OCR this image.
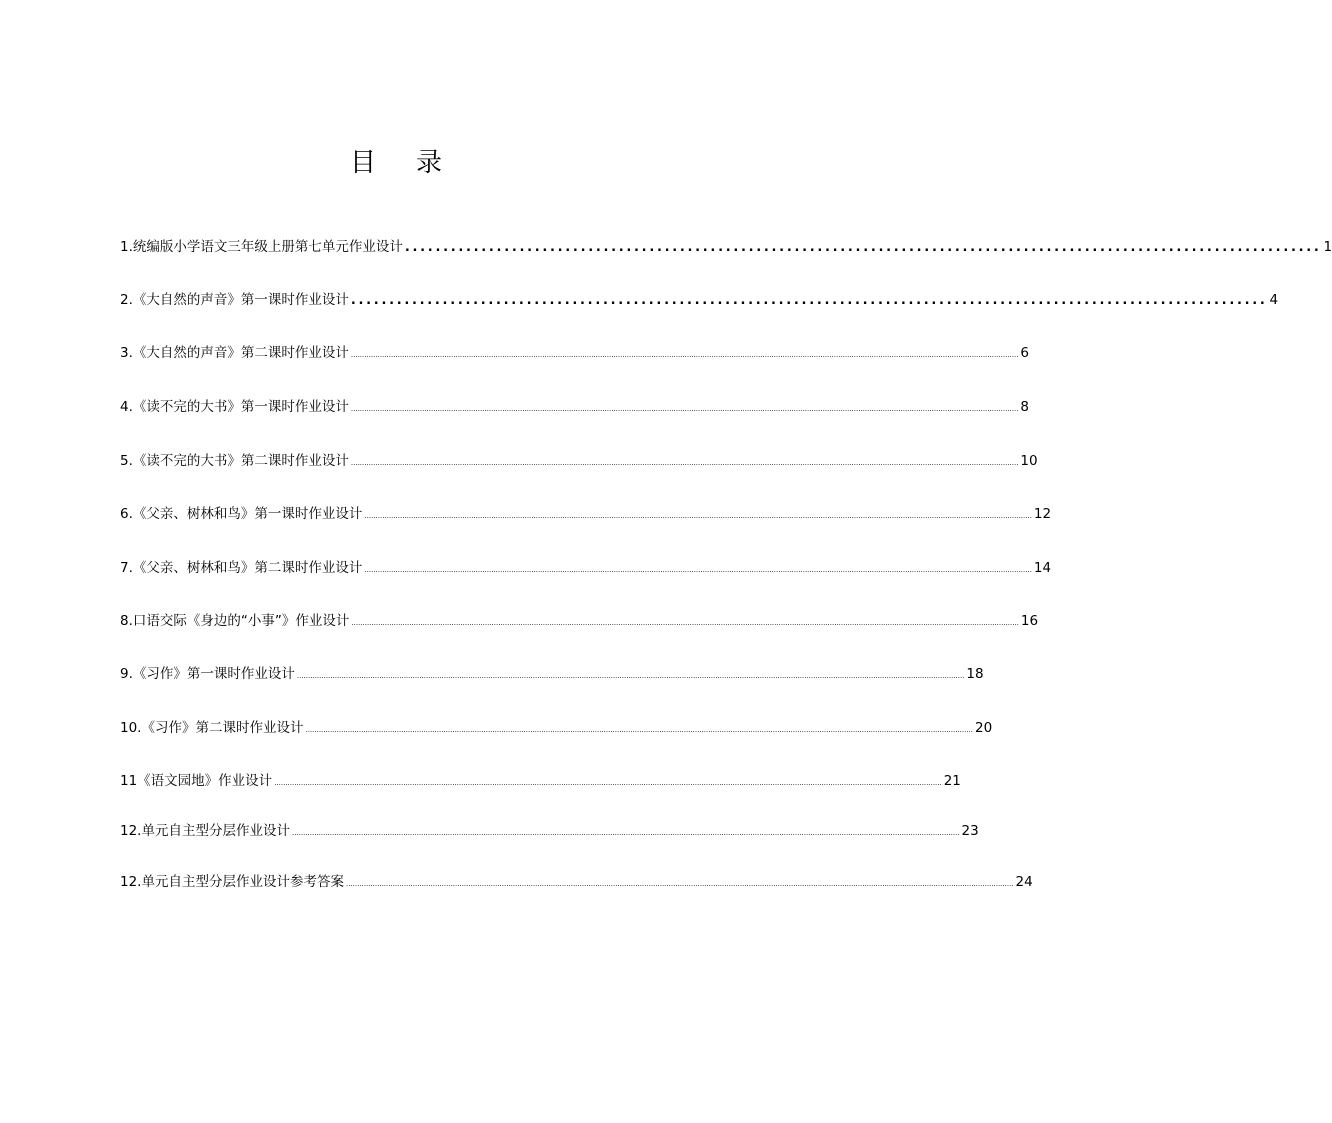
目 录
1.统编版小学语文三年级上册第七单元作业设计 ........................................................................................................................ 1
2.《大自然的声音》第一课时作业设计 ........................................................................................................................ 4
3.《大自然的声音》第二课时作业设计 ............................................................................................................................................................................................................................................................................................................ 6
4.《读不完的大书》第一课时作业设计 ............................................................................................................................................................................................................................................................................................................ 8
5.《读不完的大书》第二课时作业设计 ............................................................................................................................................................................................................................................................................................................ 10
6.《父亲、树林和鸟》第一课时作业设计 ............................................................................................................................................................................................................................................................................................................ 12
7.《父亲、树林和鸟》第二课时作业设计 ............................................................................................................................................................................................................................................................................................................ 14
8.口语交际《身边的“小事”》作业设计 ............................................................................................................................................................................................................................................................................................................ 16
9.《习作》第一课时作业设计 ............................................................................................................................................................................................................................................................................................................ 18
10.《习作》第二课时作业设计 ............................................................................................................................................................................................................................................................................................................ 20
11《语文园地》作业设计 ............................................................................................................................................................................................................................................................................................................ 21
12.单元自主型分层作业设计 ............................................................................................................................................................................................................................................................................................................ 23
12.单元自主型分层作业设计参考答案 ............................................................................................................................................................................................................................................................................................................ 24
